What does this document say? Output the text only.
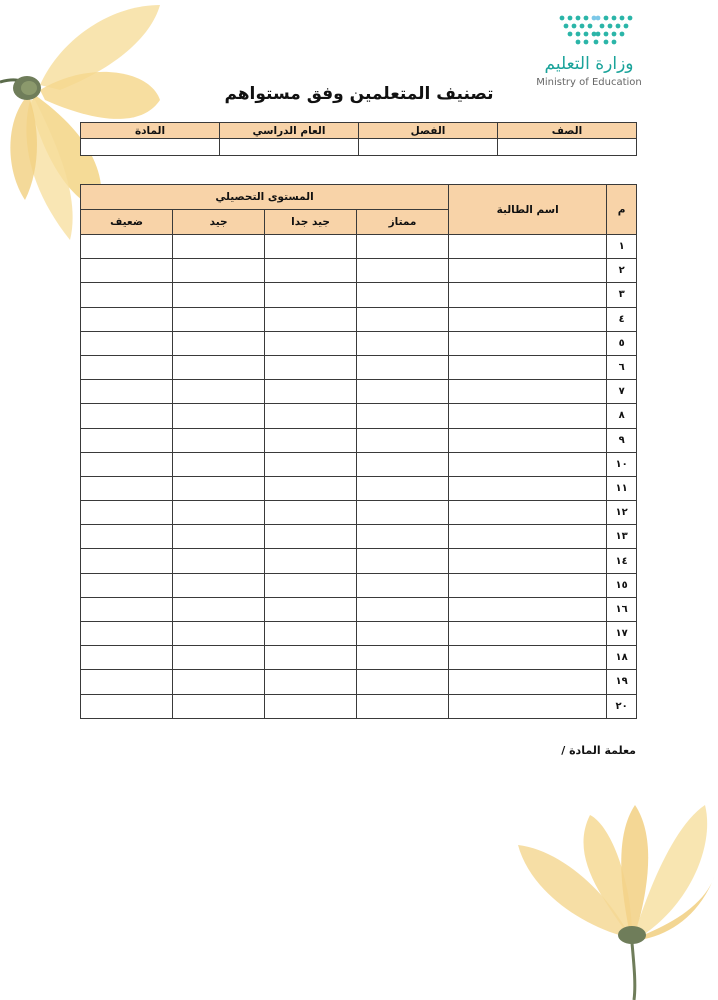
وزارة التعليم
Ministry of Education
تصنيف المتعلمين وفق مستواهم
الصف	الفصل	العام الدراسي	المادة

م	اسم الطالبة	المستوى التحصيلي			
		ممتاز	جيد جدا	جيد	ضعيف
١					
٢					
٣					
٤					
٥					
٦					
٧					
٨					
٩					
١٠					
١١					
١٢					
١٣					
١٤					
١٥					
١٦					
١٧					
١٨					
١٩					
٢٠					
معلمة المادة /
